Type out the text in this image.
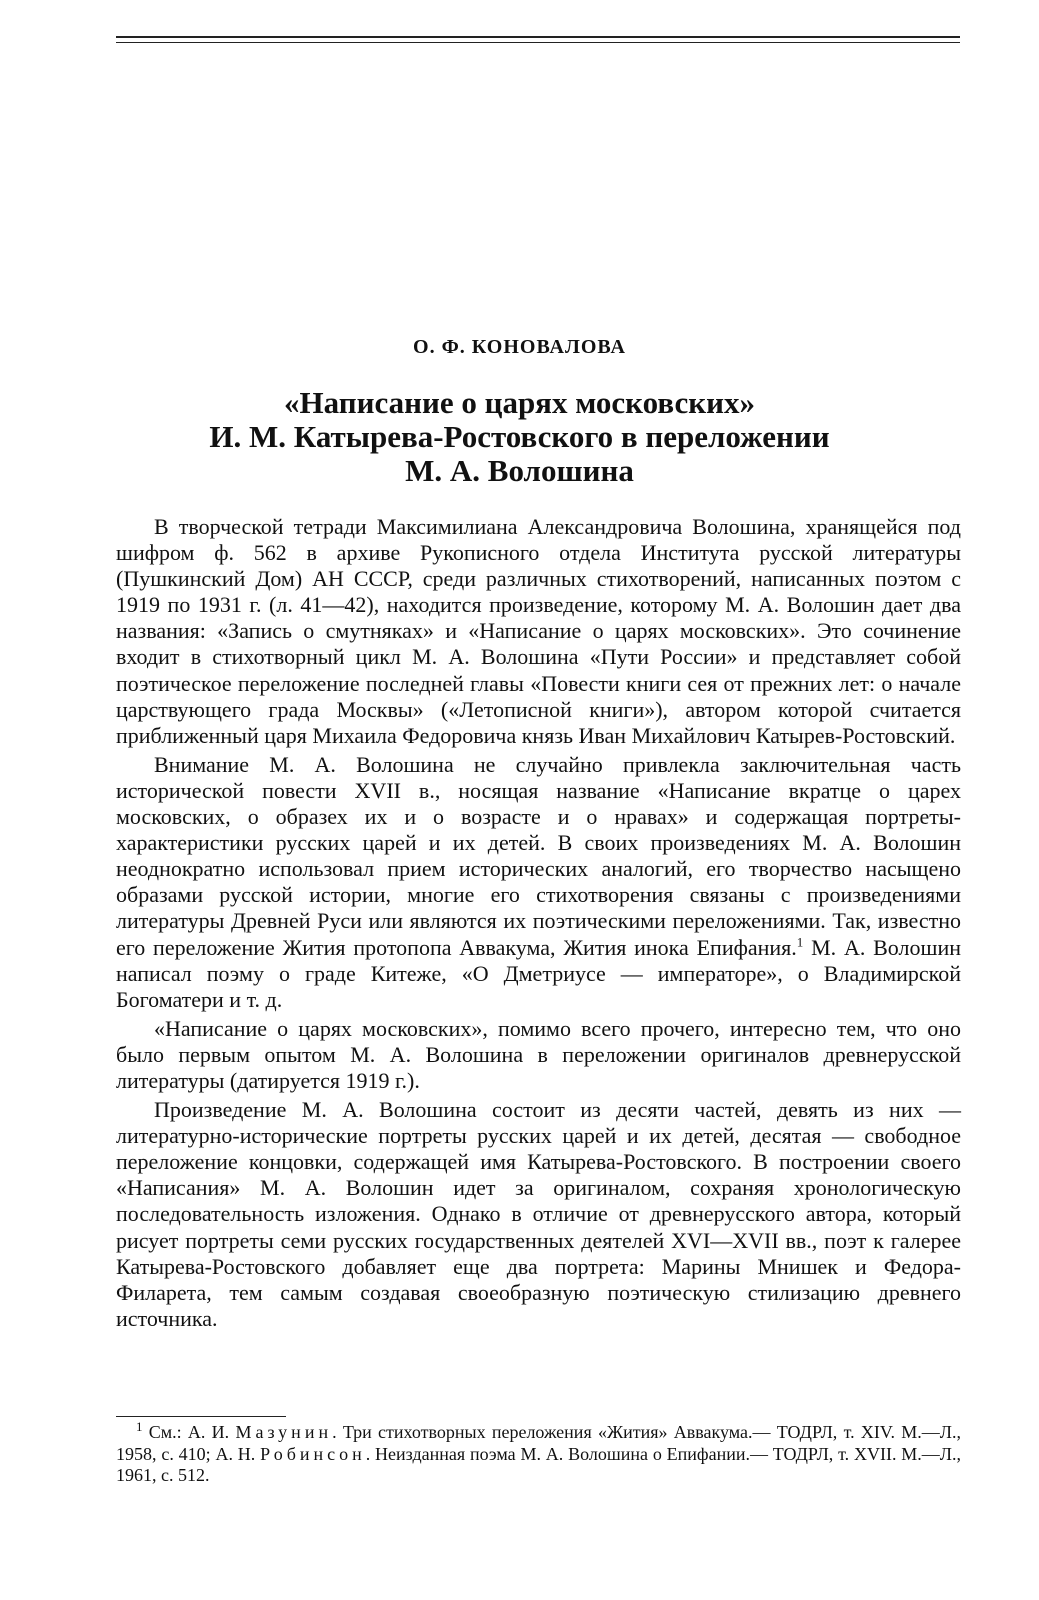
О. Ф. КОНОВАЛОВА
«Написание о царях московских»
И. М. Катырева-Ростовского в переложении
М. А. Волошина

В творческой тетради Максимилиана Александровича Волошина, хранящейся под шифром ф. 562 в архиве Рукописного отдела Института русской литературы (Пушкинский Дом) АН СССР, среди различных стихотворений, написанных поэтом с 1919 по 1931 г. (л. 41—42), находится произведение, которому М. А. Волошин дает два названия: «Запись о смутняках» и «Написание о царях московских». Это сочинение входит в стихотворный цикл М. А. Волошина «Пути России» и представляет собой поэтическое переложение последней главы «Повести книги сея от прежних лет: о начале царствующего града Москвы» («Летописной книги»), автором которой считается приближенный царя Михаила Федоровича князь Иван Михайлович Катырев-Ростовский.

Внимание М. А. Волошина не случайно привлекла заключительная часть исторической повести XVII в., носящая название «Написание вкратце о царех московских, о образех их и о возрасте и о нравах» и содержащая портреты-характеристики русских царей и их детей. В своих произведениях М. А. Волошин неоднократно использовал прием исторических аналогий, его творчество насыщено образами русской истории, многие его стихотворения связаны с произведениями литературы Древней Руси или являются их поэтическими переложениями. Так, известно его переложение Жития протопопа Аввакума, Жития инока Епифания.$^1$ М. А. Волошин написал поэму о граде Китеже, «О Дметриусе — императоре», о Владимирской Богоматери и т. д.

«Написание о царях московских», помимо всего прочего, интересно тем, что оно было первым опытом М. А. Волошина в переложении оригиналов древнерусской литературы (датируется 1919 г.).

Произведение М. А. Волошина состоит из десяти частей, девять из них — литературно-исторические портреты русских царей и их детей, десятая — свободное переложение концовки, содержащей имя Катырева-Ростовского. В построении своего «Написания» М. А. Волошин идет за оригиналом, сохраняя хронологическую последовательность изложения. Однако в отличие от древнерусского автора, который рисует портреты семи русских государственных деятелей XVI—XVII вв., поэт к галерее Катырева-Ростовского добавляет еще два портрета: Марины Мнишек и Федора-Филарета, тем самым создавая своеобразную поэтическую стилизацию древнего источника.

$^1$ См.: А. И. Мазунин. Три стихотворных переложения «Жития» Аввакума.— ТОДРЛ, т. XIV. М.—Л., 1958, с. 410; А. Н. Робинсон. Неизданная поэма М. А. Волошина о Епифании.— ТОДРЛ, т. XVII. М.—Л., 1961, с. 512.
